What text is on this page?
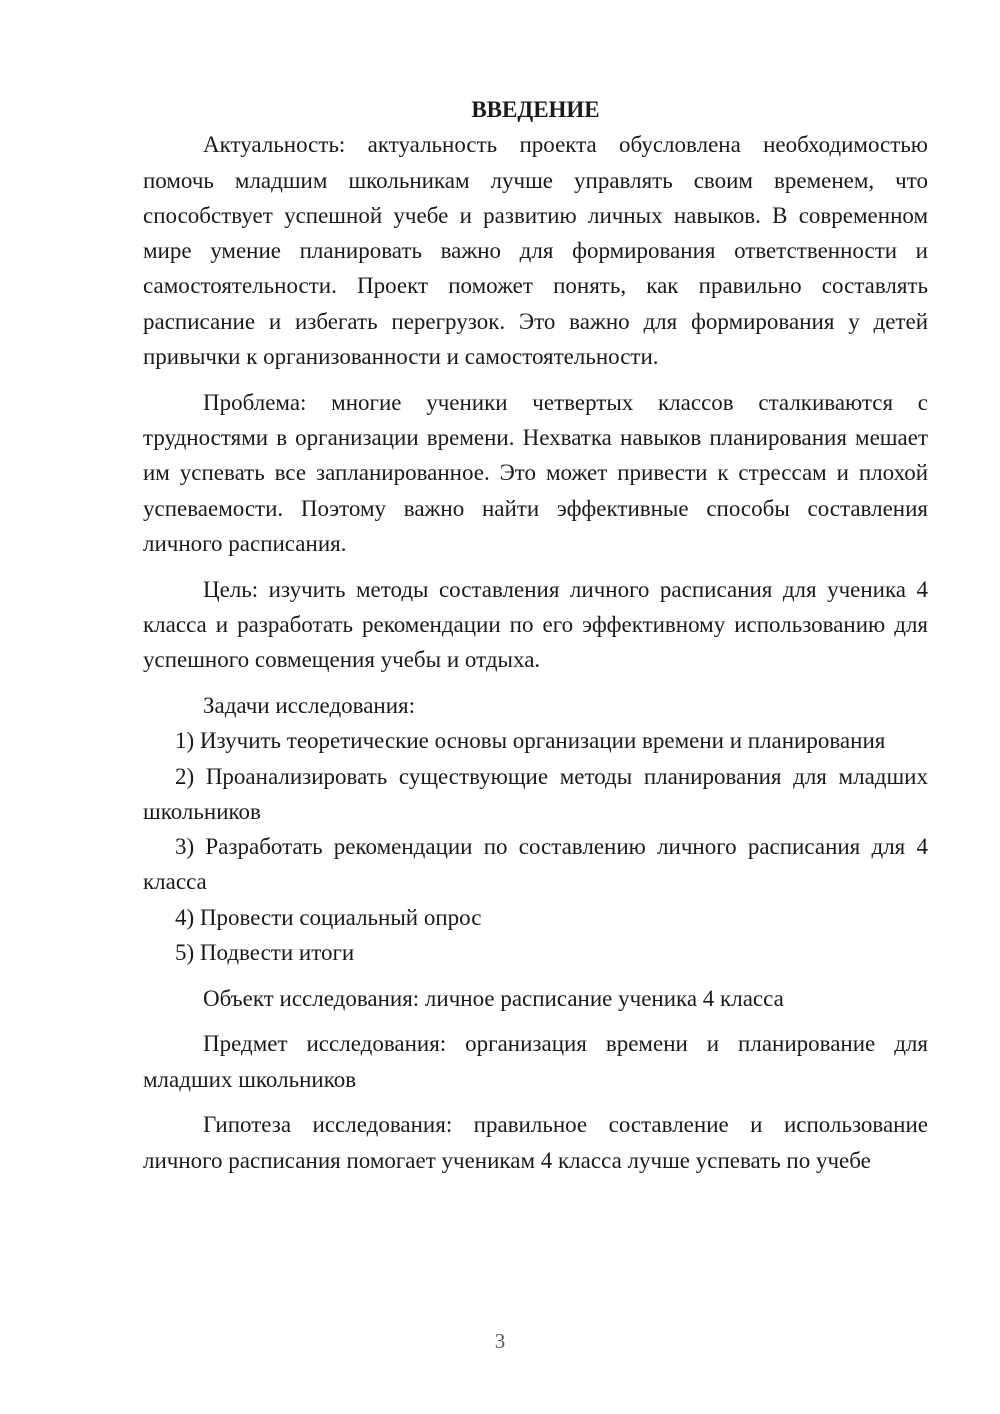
ВВЕДЕНИЕ

Актуальность: актуальность проекта обусловлена необходимостью помочь младшим школьникам лучше управлять своим временем, что способствует успешной учебе и развитию личных навыков. В современном мире умение планировать важно для формирования ответственности и самостоятельности. Проект поможет понять, как правильно составлять расписание и избегать перегрузок. Это важно для формирования у детей привычки к организованности и самостоятельности.

Проблема: многие ученики четвертых классов сталкиваются с трудностями в организации времени. Нехватка навыков планирования мешает им успевать все запланированное. Это может привести к стрессам и плохой успеваемости. Поэтому важно найти эффективные способы составления личного расписания.

Цель: изучить методы составления личного расписания для ученика 4 класса и разработать рекомендации по его эффективному использованию для успешного совмещения учебы и отдыха.

Задачи исследования:

1) Изучить теоретические основы организации времени и планирования

2) Проанализировать существующие методы планирования для младших школьников

3) Разработать рекомендации по составлению личного расписания для 4 класса

4) Провести социальный опрос

5) Подвести итоги

Объект исследования: личное расписание ученика 4 класса

Предмет исследования: организация времени и планирование для младших школьников

Гипотеза исследования: правильное составление и использование личного расписания помогает ученикам 4 класса лучше успевать по учебе

3
